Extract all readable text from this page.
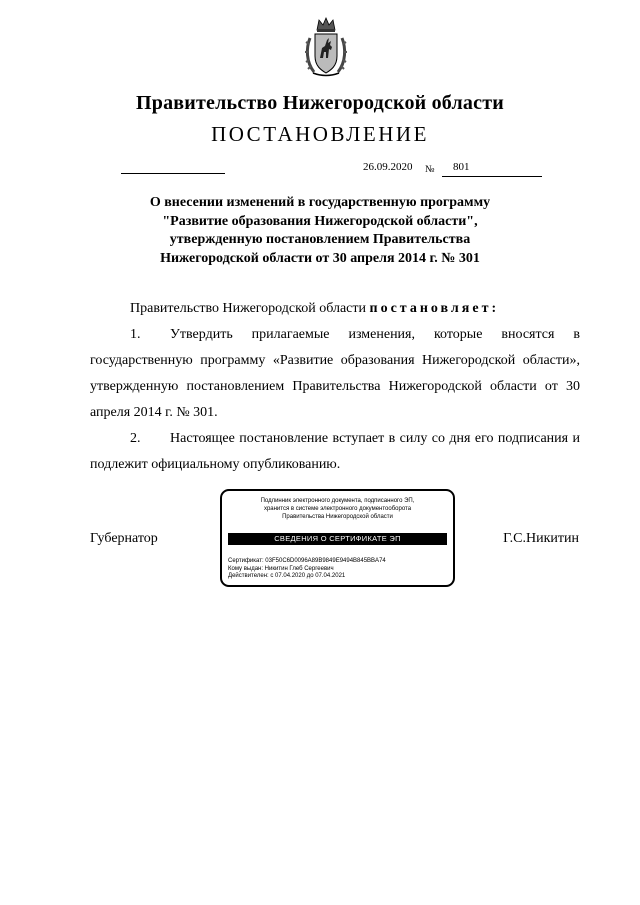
Правительство Нижегородской области
ПОСТАНОВЛЕНИЕ
26.09.2020 № 801
О внесении изменений в государственную программу
"Развитие образования Нижегородской области",
утвержденную постановлением Правительства
Нижегородской области от 30 апреля 2014 г. № 301

Правительство Нижегородской области постановляет:

1. Утвердить прилагаемые изменения, которые вносятся в государственную программу «Развитие образования Нижегородской области», утвержденную постановлением Правительства Нижегородской области от 30 апреля 2014 г. № 301.

2. Настоящее постановление вступает в силу со дня его подписания и подлежит официальному опубликованию.

Губернатор	Г.С.Никитин
Подлинник электронного документа, подписанного ЭП,
хранится в системе электронного документооборота
Правительства Нижегородской области
СВЕДЕНИЯ О СЕРТИФИКАТЕ ЭП
Сертификат: 03F50C6D0096A89B9849E9494B845BBA74
Кому выдан: Никитин Глеб Сергеевич
Действителен: с 07.04.2020 до 07.04.2021
